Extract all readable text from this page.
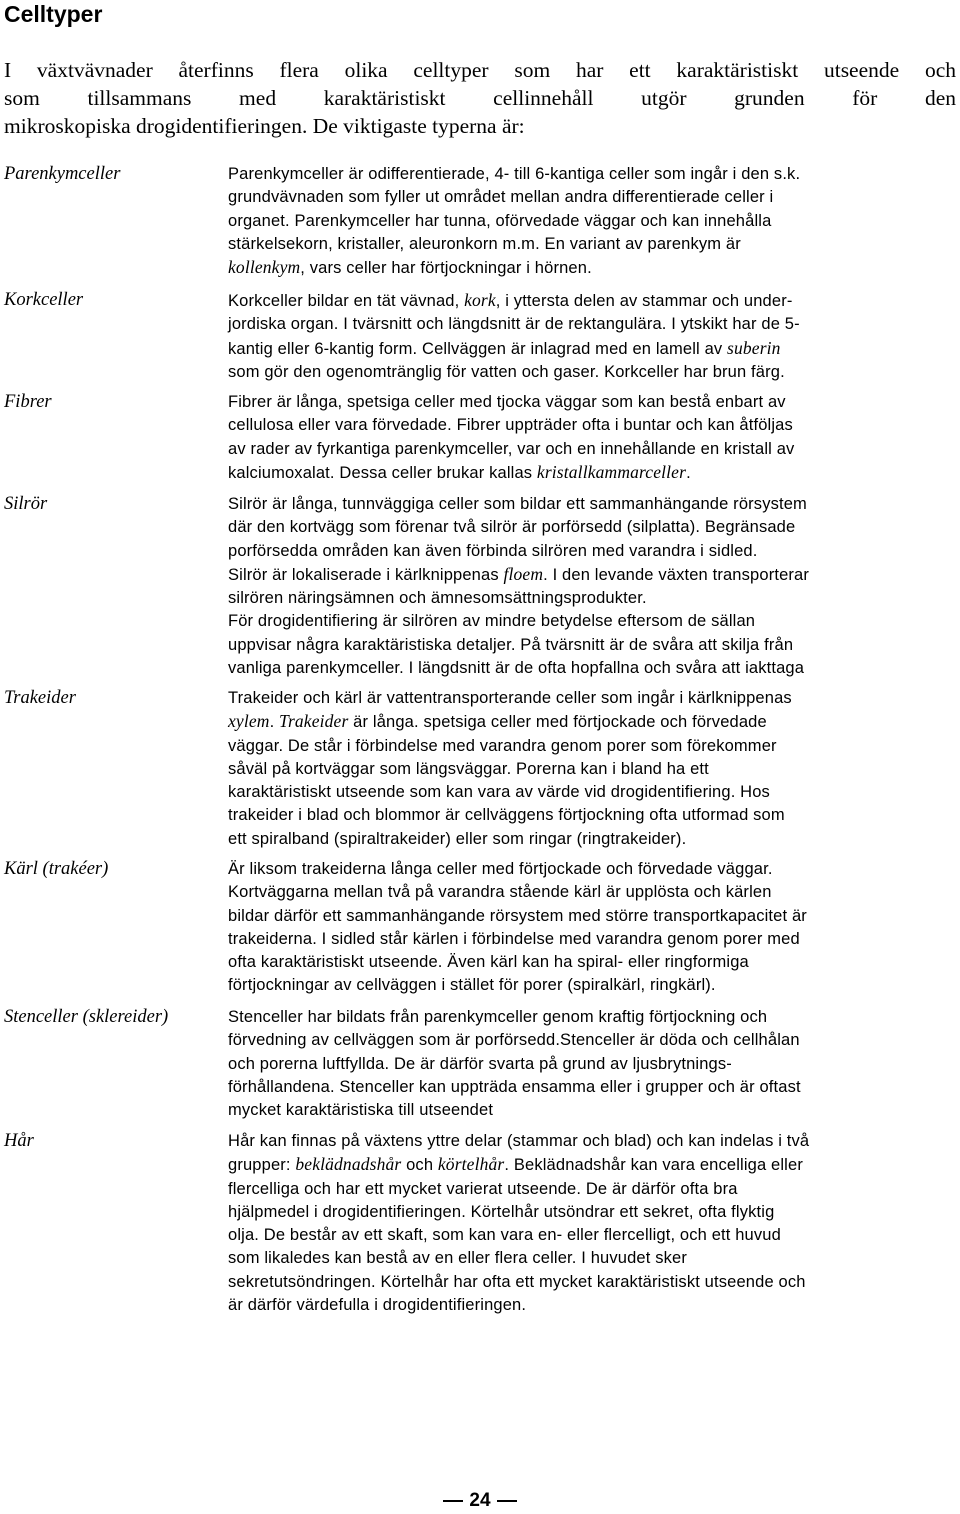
Celltyper

I växtvävnader återfinns flera olika celltyper som har ett karaktäristiskt utseende och
som tillsammans med karaktäristiskt cellinnehåll utgör grunden för den
mikroskopiska drogidentifieringen. De viktigaste typerna är:

Parenkymceller	Parenkymceller är odifferentierade, 4- till 6-kantiga celler som ingår i den s.k.
grundvävnaden som fyller ut området mellan andra differentierade celler i
organet. Parenkymceller har tunna, oförvedade väggar och kan innehålla
stärkelsekorn, kristaller, aleuronkorn m.m. En variant av parenkym är
kollenkym, vars celler har förtjockningar i hörnen.
Korkceller	Korkceller bildar en tät vävnad, kork, i yttersta delen av stammar och under-
jordiska organ. I tvärsnitt och längdsnitt är de rektangulära. I ytskikt har de 5-
kantig eller 6-kantig form. Cellväggen är inlagrad med en lamell av suberin
som gör den ogenomtränglig för vatten och gaser. Korkceller har brun färg.
Fibrer	Fibrer är långa, spetsiga celler med tjocka väggar som kan bestå enbart av
cellulosa eller vara förvedade. Fibrer uppträder ofta i buntar och kan åtföljas
av rader av fyrkantiga parenkymceller, var och en innehållande en kristall av
kalciumoxalat. Dessa celler brukar kallas kristallkammarceller.
Silrör	Silrör är långa, tunnväggiga celler som bildar ett sammanhängande rörsystem
där den kortvägg som förenar två silrör är porförsedd (silplatta). Begränsade
porförsedda områden kan även förbinda silrören med varandra i sidled.
Silrör är lokaliserade i kärlknippenas floem. I den levande växten transporterar
silrören näringsämnen och ämnesomsättningsprodukter.
För drogidentifiering är silrören av mindre betydelse eftersom de sällan
uppvisar några karaktäristiska detaljer. På tvärsnitt är de svåra att skilja från
vanliga parenkymceller. I längdsnitt är de ofta hopfallna och svåra att iakttaga
Trakeider	Trakeider och kärl är vattentransporterande celler som ingår i kärlknippenas
xylem. Trakeider är långa. spetsiga celler med förtjockade och förvedade
väggar. De står i förbindelse med varandra genom porer som förekommer
såväl på kortväggar som längsväggar. Porerna kan i bland ha ett
karaktäristiskt utseende som kan vara av värde vid drogidentifiering. Hos
trakeider i blad och blommor är cellväggens förtjockning ofta utformad som
ett spiralband (spiraltrakeider) eller som ringar (ringtrakeider).
Kärl (trakéer)	Är liksom trakeiderna långa celler med förtjockade och förvedade väggar.
Kortväggarna mellan två på varandra stående kärl är upplösta och kärlen
bildar därför ett sammanhängande rörsystem med större transportkapacitet är
trakeiderna. I sidled står kärlen i förbindelse med varandra genom porer med
ofta karaktäristiskt utseende. Även kärl kan ha spiral- eller ringformiga
förtjockningar av cellväggen i stället för porer (spiralkärl, ringkärl).
Stenceller (sklereider)	Stenceller har bildats från parenkymceller genom kraftig förtjockning och
förvedning av cellväggen som är porförsedd.Stenceller är döda och cellhålan
och porerna luftfyllda. De är därför svarta på grund av ljusbrytnings-
förhållandena. Stenceller kan uppträda ensamma eller i grupper och är oftast
mycket karaktäristiska till utseendet
Hår	Hår kan finnas på växtens yttre delar (stammar och blad) och kan indelas i två
grupper: beklädnadshår och körtelhår. Beklädnadshår kan vara encelliga eller
flercelliga och har ett mycket varierat utseende. De är därför ofta bra
hjälpmedel i drogidentifieringen. Körtelhår utsöndrar ett sekret, ofta flyktig
olja. De består av ett skaft, som kan vara en- eller flercelligt, och ett huvud
som likaledes kan bestå av en eller flera celler. I huvudet sker
sekretutsöndringen. Körtelhår har ofta ett mycket karaktäristiskt utseende och
är därför värdefulla i drogidentifieringen.
24
